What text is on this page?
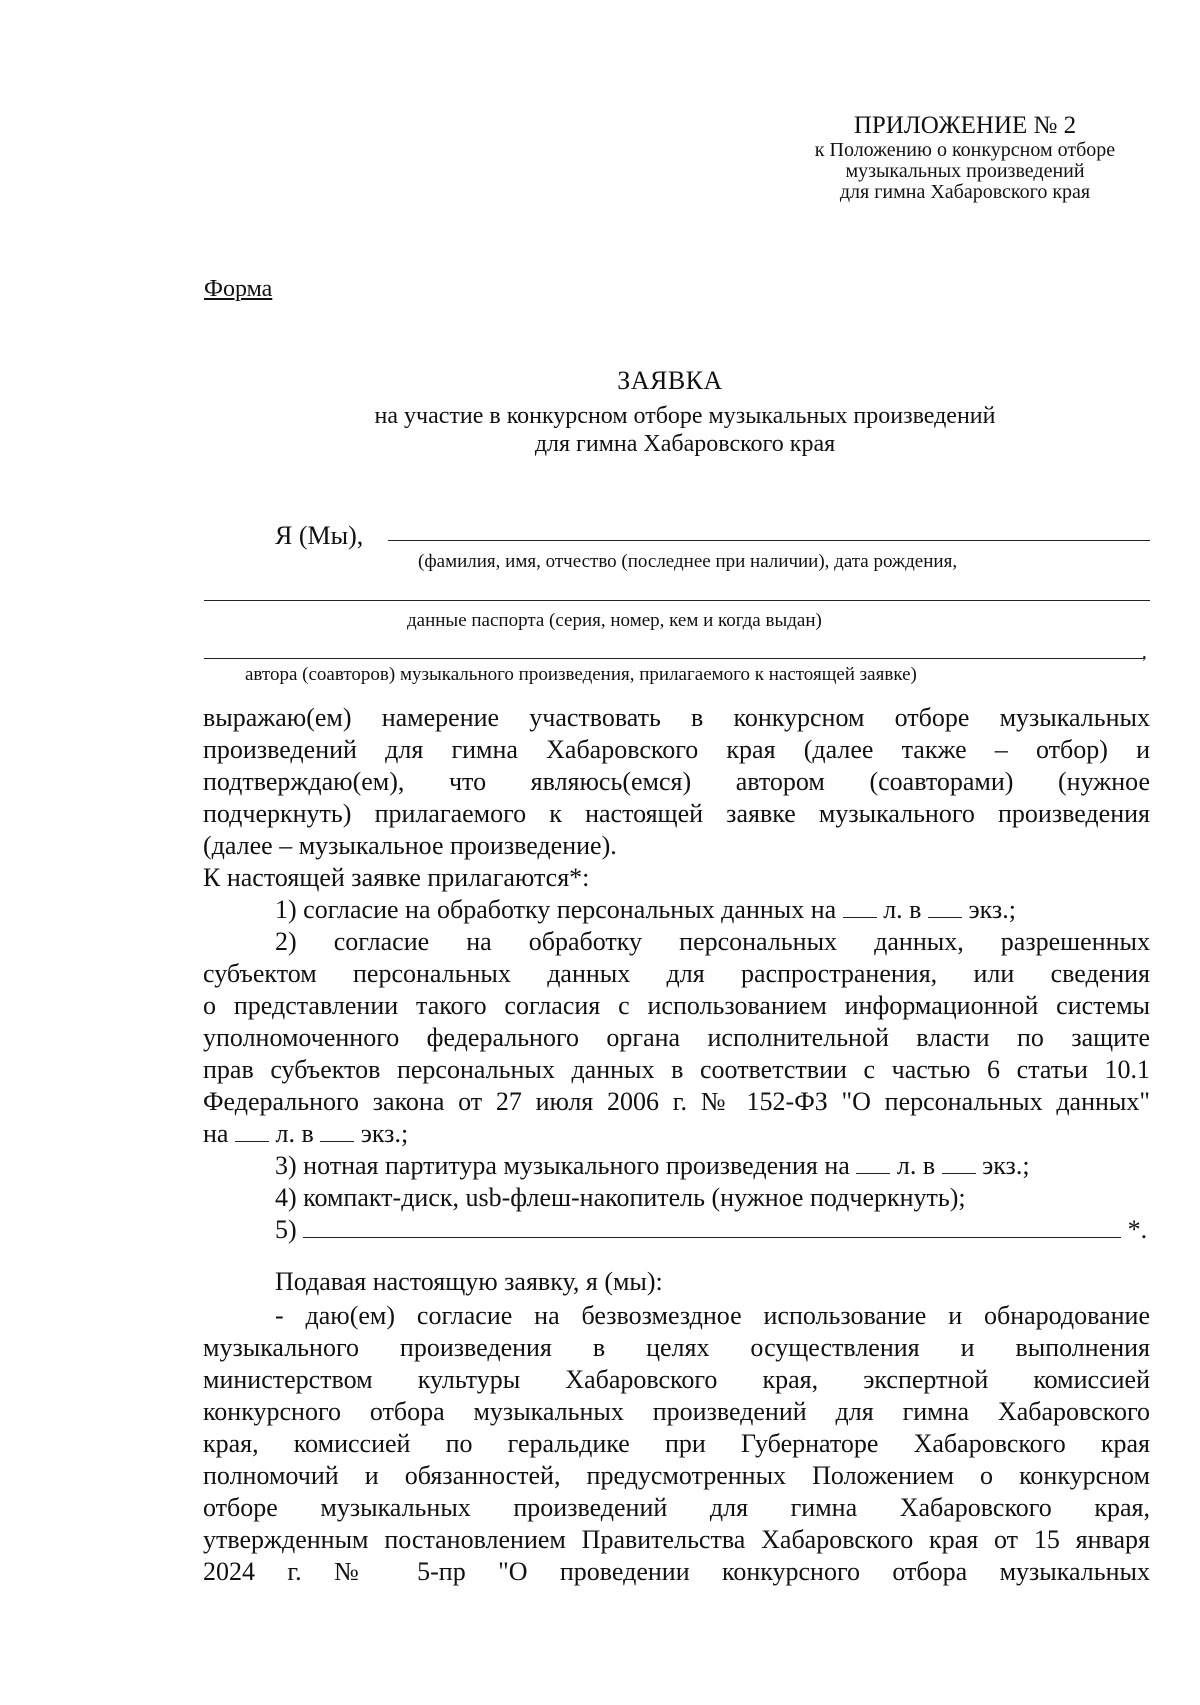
ПРИЛОЖЕНИЕ № 2
к Положению о конкурсном отборе
музыкальных произведений
для гимна Хабаровского края
Форма
ЗАЯВКА
на участие в конкурсном отборе музыкальных произведений
для гимна Хабаровского края
Я (Мы),
(фамилия, имя, отчество (последнее при наличии), дата рождения,
данные паспорта (серия, номер, кем и когда выдан)
,
автора (соавторов) музыкального произведения, прилагаемого к настоящей заявке)
выражаю(ем) намерение участвовать в конкурсном отборе музыкальных
произведений для гимна Хабаровского края (далее также – отбор) и
подтверждаю(ем), что являюсь(емся) автором (соавторами) (нужное
подчеркнуть) прилагаемого к настоящей заявке музыкального произведения
(далее – музыкальное произведение).
К настоящей заявке прилагаются*:
1) согласие на обработку персональных данных на л. в экз.;
2) согласие на обработку персональных данных, разрешенных
субъектом персональных данных для распространения, или сведения
о представлении такого согласия с использованием информационной системы
уполномоченного федерального органа исполнительной власти по защите
прав субъектов персональных данных в соответствии с частью 6 статьи 10.1
Федерального закона от 27 июля 2006 г. № 152-ФЗ "О персональных данных"
на л. в экз.;
3) нотная партитура музыкального произведения на л. в экз.;
4) компакт-диск, usb-флеш-накопитель (нужное подчеркнуть);
5)	*.
Подавая настоящую заявку, я (мы):
- даю(ем) согласие на безвозмездное использование и обнародование
музыкального произведения в целях осуществления и выполнения
министерством культуры Хабаровского края, экспертной комиссией
конкурсного отбора музыкальных произведений для гимна Хабаровского
края, комиссией по геральдике при Губернаторе Хабаровского края
полномочий и обязанностей, предусмотренных Положением о конкурсном
отборе музыкальных произведений для гимна Хабаровского края,
утвержденным постановлением Правительства Хабаровского края от 15 января
2024 г. № 5-пр "О проведении конкурсного отбора музыкальных
